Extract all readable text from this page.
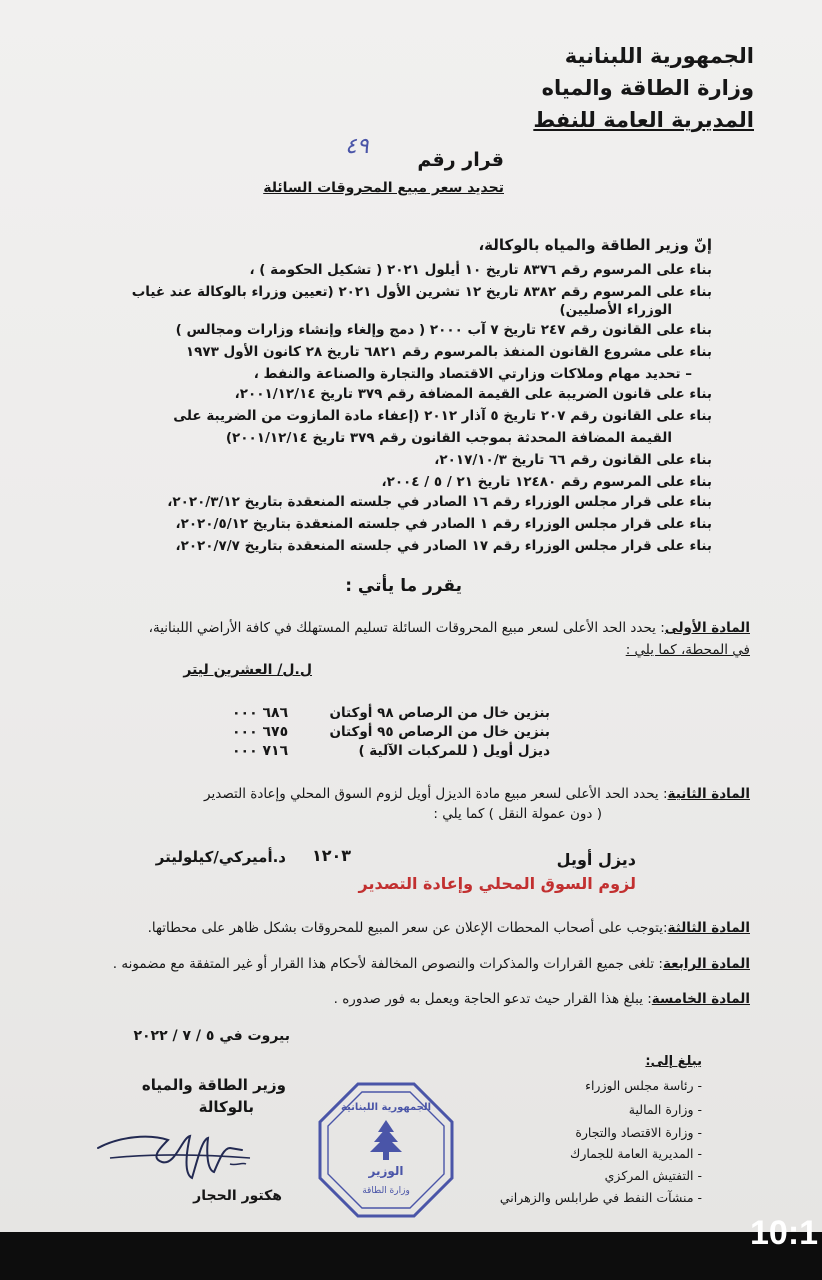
الجمهورية اللبنانية
وزارة الطاقة والمياه
المديرية العامة للنفط
قرار رقم
٤٩
تحديد سعر مبيع المحروقات السائلة
إنّ وزير الطاقة والمياه بالوكالة،
بناء على المرسوم رقم ٨٣٧٦ تاريخ ١٠ أيلول ٢٠٢١ ( تشكيل الحكومة ) ،
بناء على المرسوم رقم ٨٣٨٢ تاريخ ١٢ تشرين الأول ٢٠٢١ (تعيين وزراء بالوكالة عند غياب
الوزراء الأصليين)
بناء على القانون رقم ٢٤٧ تاريخ ٧ آب ٢٠٠٠ ( دمج وإلغاء وإنشاء وزارات ومجالس )
بناء على مشروع القانون المنفذ بالمرسوم رقم ٦٨٢١ تاريخ ٢٨ كانون الأول ١٩٧٣
– تحديد مهام وملاكات وزارتي الاقتصاد والتجارة والصناعة والنفط ،
بناء على قانون الضريبة على القيمة المضافة رقم ٣٧٩ تاريخ ٢٠٠١/١٢/١٤،
بناء على القانون رقم ٢٠٧ تاريخ ٥ آذار ٢٠١٢ (إعفاء مادة المازوت من الضريبة على
القيمة المضافة المحدثة بموجب القانون رقم ٣٧٩ تاريخ ٢٠٠١/١٢/١٤)
بناء على القانون رقم ٦٦ تاريخ ٢٠١٧/١٠/٣،
بناء على المرسوم رقم ١٢٤٨٠ تاريخ ٢١ / ٥ / ٢٠٠٤،
بناء على قرار مجلس الوزراء رقم ١٦ الصادر في جلسته المنعقدة بتاريخ ٢٠٢٠/٣/١٢،
بناء على قرار مجلس الوزراء رقم ١ الصادر في جلسته المنعقدة بتاريخ ٢٠٢٠/٥/١٢،
بناء على قرار مجلس الوزراء رقم ١٧ الصادر في جلسته المنعقدة بتاريخ ٢٠٢٠/٧/٧،
يقرر ما يأتي :
المادة الأولى: يحدد الحد الأعلى لسعر مبيع المحروقات السائلة تسليم المستهلك في كافة الأراضي اللبنانية،
في المحطة، كما يلي :
ل.ل/ العشرين ليتر
بنزين خال من الرصاص ٩٨ أوكتان
٦٨٦ ٠٠٠
بنزين خال من الرصاص ٩٥ أوكتان
٦٧٥ ٠٠٠
ديزل أويل ( للمركبات الآلية )
٧١٦ ٠٠٠
المادة الثانية: يحدد الحد الأعلى لسعر مبيع مادة الديزل أويل لزوم السوق المحلي وإعادة التصدير
( دون عمولة النقل ) كما يلي :
ديزل أويل
١٢٠٣
د.أميركي/كيلوليتر
لزوم السوق المحلي وإعادة التصدير
المادة الثالثة:يتوجب على أصحاب المحطات الإعلان عن سعر المبيع للمحروقات بشكل ظاهر على محطاتها.
المادة الرابعة: تلغى جميع القرارات والمذكرات والنصوص المخالفة لأحكام هذا القرار أو غير المتفقة مع مضمونه .
المادة الخامسة: يبلغ هذا القرار حيث تدعو الحاجة ويعمل به فور صدوره .
بيروت في ٥ / ٧ / ٢٠٢٢
يبلغ إلى:
- رئاسة مجلس الوزراء
- وزارة المالية
- وزارة الاقتصاد والتجارة
- المديرية العامة للجمارك
- التفتيش المركزي
- منشآت النفط في طرابلس والزهراني
وزير الطاقة والمياه
بالوكالة
هكتور الحجار
الجمهورية اللبنانية
الوزير
وزارة الطاقة
10:1
